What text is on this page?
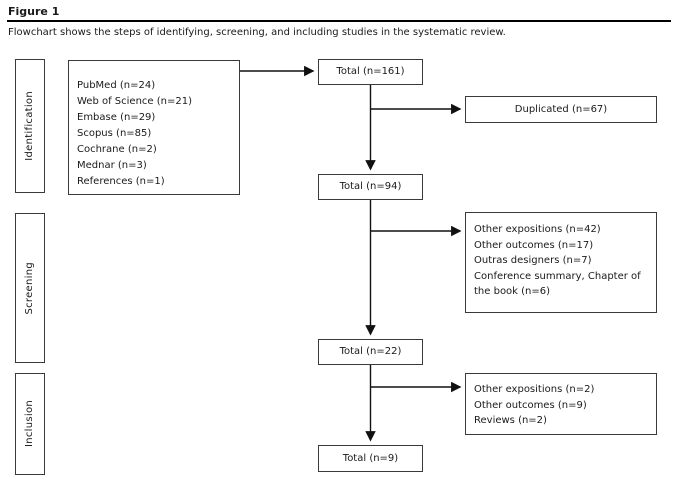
Figure 1
Flowchart shows the steps of identifying, screening, and including studies in the systematic review.
Identification
Screening
Inclusion
PubMed (n=24)
Web of Science (n=21)
Embase (n=29)
Scopus (n=85)
Cochrane (n=2)
Mednar (n=3)
References (n=1)
Total (n=161)
Total (n=94)
Total (n=22)
Total (n=9)
Duplicated (n=67)
Other expositions (n=42)
Other outcomes (n=17)
Outras designers (n=7)
Conference summary, Chapter of the book (n=6)
Other expositions (n=2)
Other outcomes (n=9)
Reviews (n=2)
